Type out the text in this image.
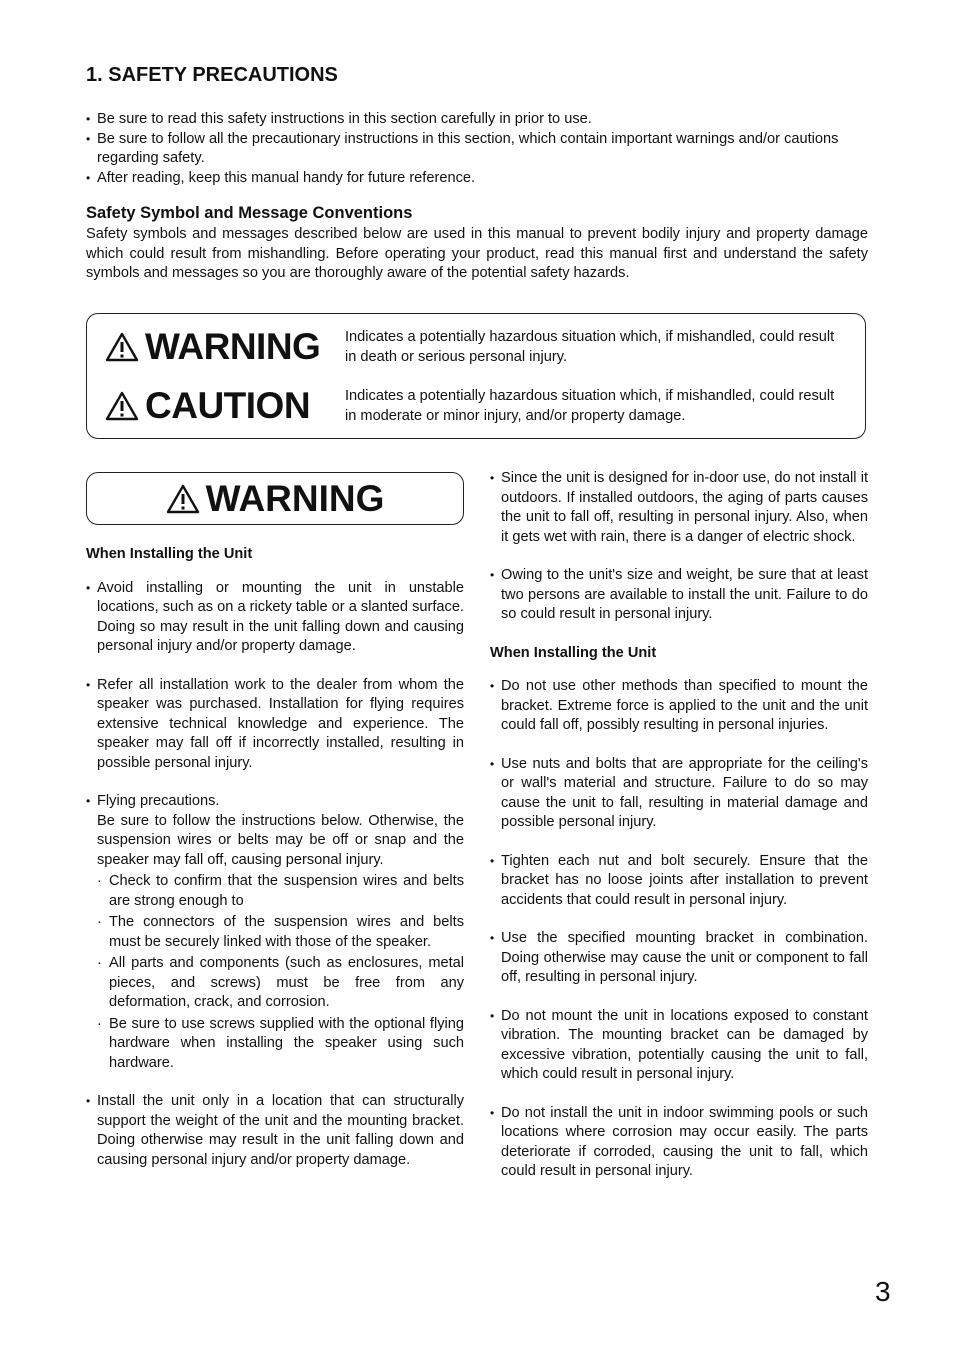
1. SAFETY PRECAUTIONS
• Be sure to read this safety instructions in this section carefully in prior to use.
• Be sure to follow all the precautionary instructions in this section, which contain important warnings and/or cautions regarding safety.
• After reading, keep this manual handy for future reference.
Safety Symbol and Message Conventions
Safety symbols and messages described below are used in this manual to prevent bodily injury and property damage which could result from mishandling. Before operating your product, read this manual first and understand the safety symbols and messages so you are thoroughly aware of the potential safety hazards.
WARNING Indicates a potentially hazardous situation which, if mishandled, could result in death or serious personal injury.
CAUTION Indicates a potentially hazardous situation which, if mishandled, could result in moderate or minor injury, and/or property damage.
WARNING
When Installing the Unit
• Avoid installing or mounting the unit in unstable locations, such as on a rickety table or a slanted surface. Doing so may result in the unit falling down and causing personal injury and/or property damage.
• Refer all installation work to the dealer from whom the speaker was purchased. Installation for flying requires extensive technical knowledge and experience. The speaker may fall off if incorrectly installed, resulting in possible personal injury.
• Flying precautions.
Be sure to follow the instructions below. Otherwise, the suspension wires or belts may be off or snap and the speaker may fall off, causing personal injury.
· Check to confirm that the suspension wires and belts are strong enough to
· The connectors of the suspension wires and belts must be securely linked with those of the speaker.
· All parts and components (such as enclosures, metal pieces, and screws) must be free from any deformation, crack, and corrosion.
· Be sure to use screws supplied with the optional flying hardware when installing the speaker using such hardware.
• Install the unit only in a location that can structurally support the weight of the unit and the mounting bracket. Doing otherwise may result in the unit falling down and causing personal injury and/or property damage.
• Since the unit is designed for in-door use, do not install it outdoors. If installed outdoors, the aging of parts causes the unit to fall off, resulting in personal injury. Also, when it gets wet with rain, there is a danger of electric shock.
• Owing to the unit's size and weight, be sure that at least two persons are available to install the unit. Failure to do so could result in personal injury.
When Installing the Unit
• Do not use other methods than specified to mount the bracket. Extreme force is applied to the unit and the unit could fall off, possibly resulting in personal injuries.
• Use nuts and bolts that are appropriate for the ceiling's or wall's material and structure. Failure to do so may cause the unit to fall, resulting in material damage and possible personal injury.
• Tighten each nut and bolt securely. Ensure that the bracket has no loose joints after installation to prevent accidents that could result in personal injury.
• Use the specified mounting bracket in combination. Doing otherwise may cause the unit or component to fall off, resulting in personal injury.
• Do not mount the unit in locations exposed to constant vibration. The mounting bracket can be damaged by excessive vibration, potentially causing the unit to fall, which could result in personal injury.
• Do not install the unit in indoor swimming pools or such locations where corrosion may occur easily. The parts deteriorate if corroded, causing the unit to fall, which could result in personal injury.
3
